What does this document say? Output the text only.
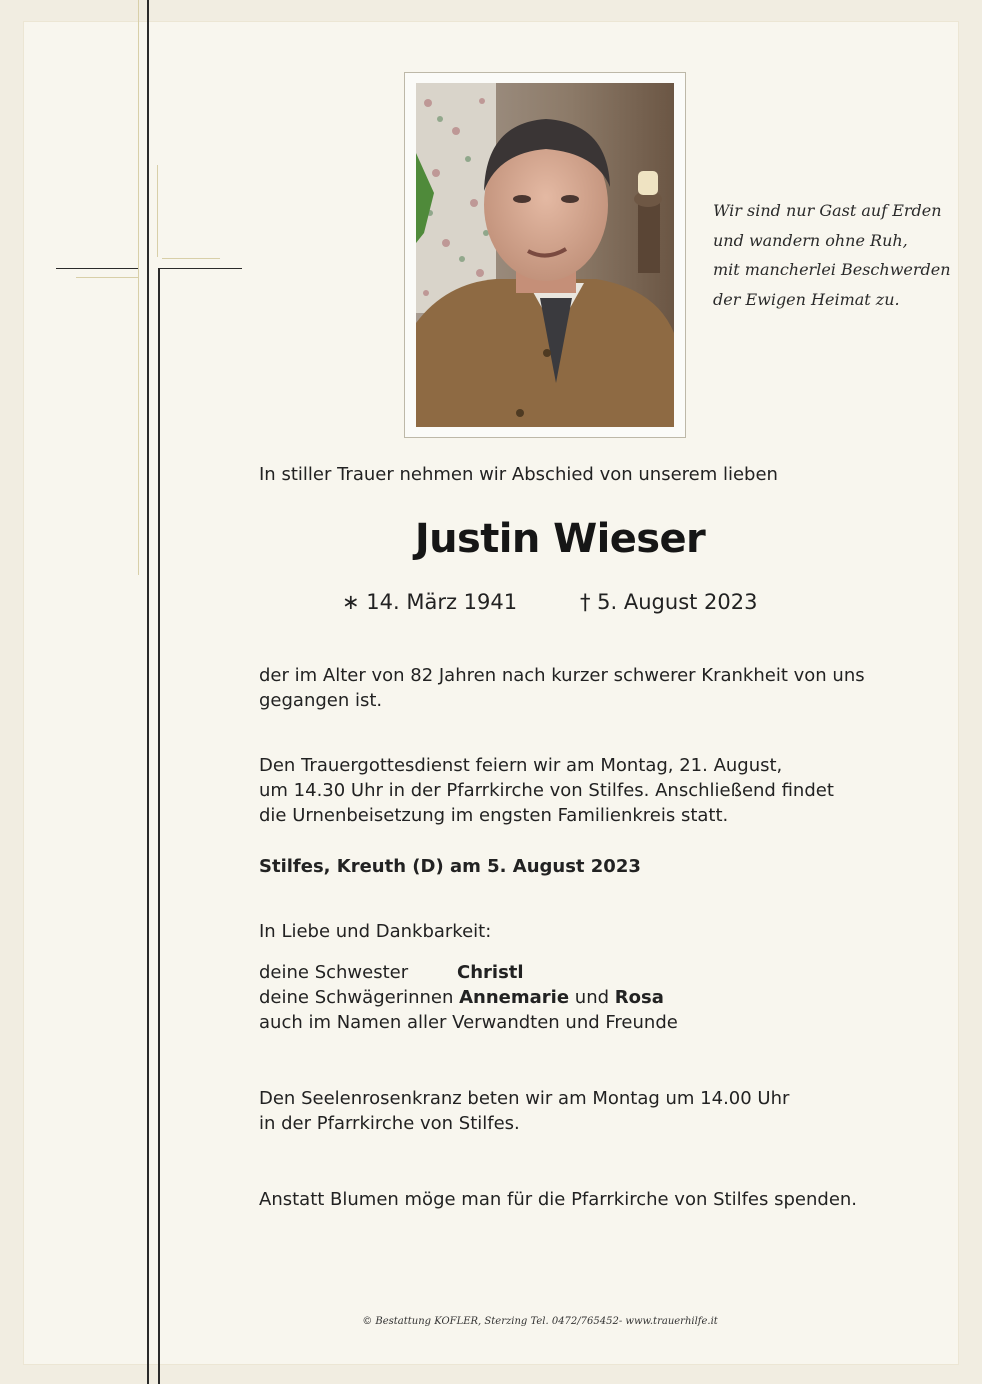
Wir sind nur Gast auf Erden
und wandern ohne Ruh,
mit mancherlei Beschwerden
der Ewigen Heimat zu.
In stiller Trauer nehmen wir Abschied von unserem lieben
Justin Wieser
∗ 14. März 1941	† 5. August 2023
der im Alter von 82 Jahren nach kurzer schwerer Krankheit von uns
gegangen ist.
Den Trauergottesdienst feiern wir am Montag, 21. August,
um 14.30 Uhr in der Pfarrkirche von Stilfes. Anschließend findet
die Urnenbeisetzung im engsten Familienkreis statt.
Stilfes, Kreuth (D) am 5. August 2023
In Liebe und Dankbarkeit:
deine Schwester	Christl
deine Schwägerinnen Annemarie und Rosa
auch im Namen aller Verwandten und Freunde
Den Seelenrosenkranz beten wir am Montag um 14.00 Uhr
in der Pfarrkirche von Stilfes.
Anstatt Blumen möge man für die Pfarrkirche von Stilfes spenden.
© Bestattung KOFLER, Sterzing Tel. 0472/765452- www.trauerhilfe.it
